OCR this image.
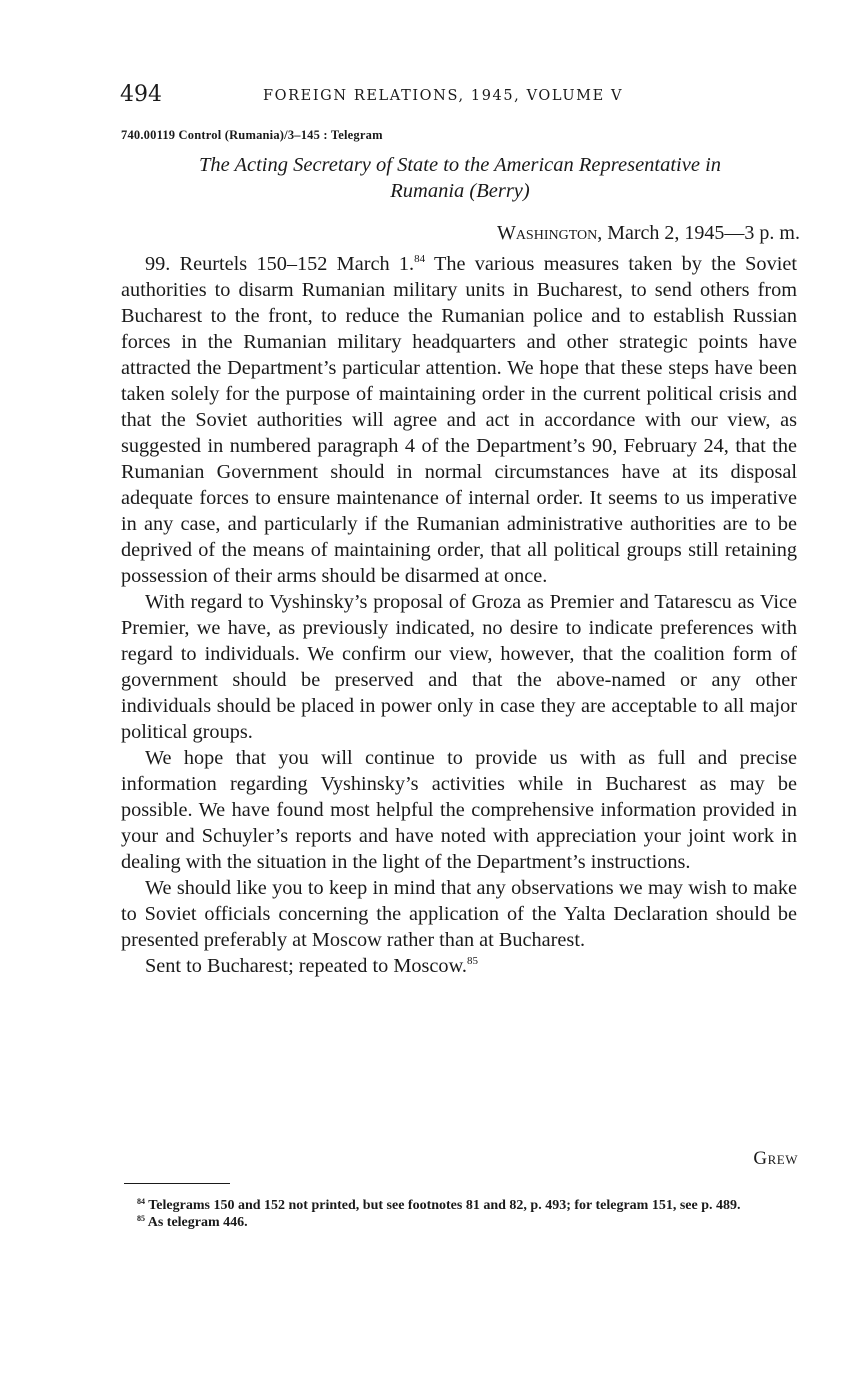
494	FOREIGN RELATIONS, 1945, VOLUME V
740.00119 Control (Rumania)/3–145 : Telegram
The Acting Secretary of State to the American Representative in
Rumania (Berry)
Washington, March 2, 1945—3 p. m.

99. Reurtels 150–152 March 1.84 The various measures taken by the Soviet authorities to disarm Rumanian military units in Bucharest, to send others from Bucharest to the front, to reduce the Rumanian police and to establish Russian forces in the Rumanian military headquarters and other strategic points have attracted the Department’s particular attention. We hope that these steps have been taken solely for the purpose of maintaining order in the current political crisis and that the Soviet authorities will agree and act in accordance with our view, as suggested in numbered paragraph 4 of the Department’s 90, February 24, that the Rumanian Government should in normal circumstances have at its disposal adequate forces to ensure maintenance of internal order. It seems to us imperative in any case, and particularly if the Rumanian administrative authorities are to be deprived of the means of maintaining order, that all political groups still retaining possession of their arms should be disarmed at once.

With regard to Vyshinsky’s proposal of Groza as Premier and Tatarescu as Vice Premier, we have, as previously indicated, no desire to indicate preferences with regard to individuals. We confirm our view, however, that the coalition form of government should be preserved and that the above-named or any other individuals should be placed in power only in case they are acceptable to all major political groups.

We hope that you will continue to provide us with as full and precise information regarding Vyshinsky’s activities while in Bucharest as may be possible. We have found most helpful the comprehensive information provided in your and Schuyler’s reports and have noted with appreciation your joint work in dealing with the situation in the light of the Department’s instructions.

We should like you to keep in mind that any observations we may wish to make to Soviet officials concerning the application of the Yalta Declaration should be presented preferably at Moscow rather than at Bucharest.

Sent to Bucharest; repeated to Moscow.$^{85}$

Grew

$^{84}$ Telegrams 150 and 152 not printed, but see footnotes 81 and 82, p. 493; for telegram 151, see p. 489.

$^{85}$ As telegram 446.
